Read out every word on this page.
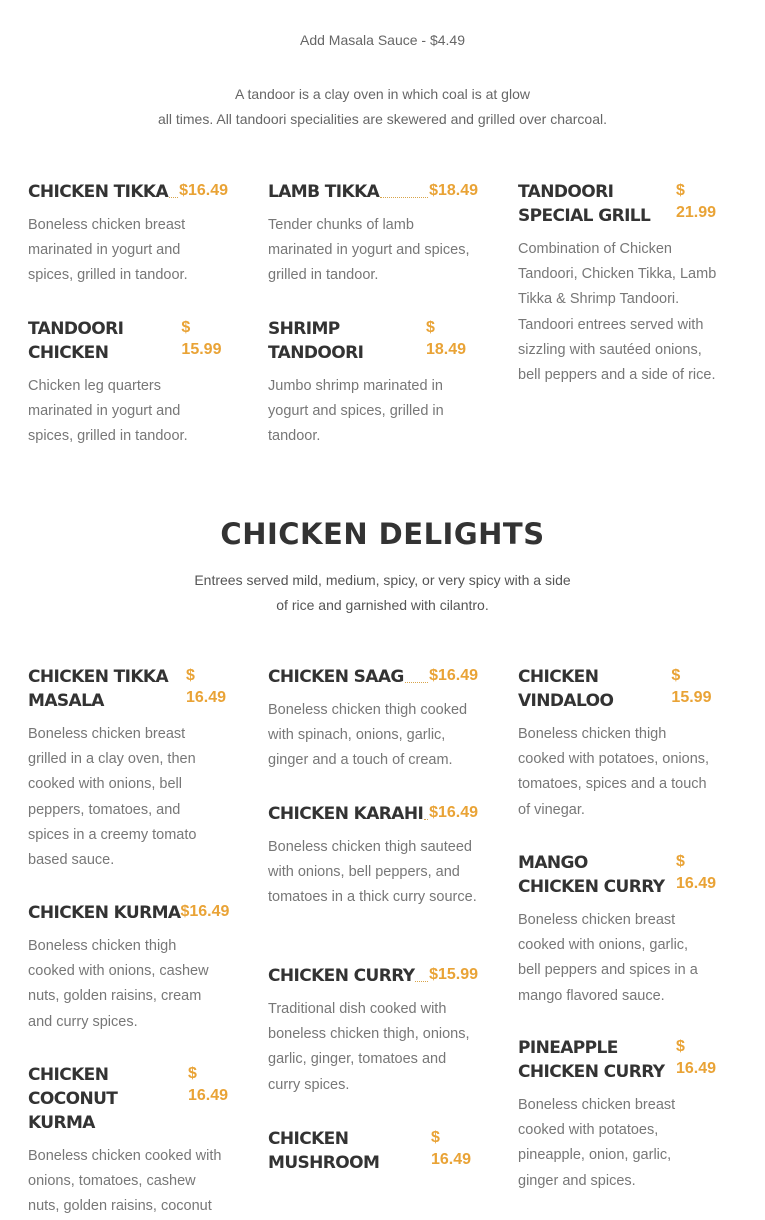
Add Masala Sauce - $4.49
A tandoor is a clay oven in which coal is at glow
all times. All tandoori specialities are skewered and grilled over charcoal.
CHICKEN TIKKA $16.49
Boneless chicken breast marinated in yogurt and spices, grilled in tandoor.
LAMB TIKKA	$18.49
Tender chunks of lamb marinated in yogurt and spices, grilled in tandoor.
TANDOORI SPECIAL GRILL
$ 21.99
Combination of Chicken Tandoori, Chicken Tikka, Lamb Tikka & Shrimp Tandoori. Tandoori entrees served with sizzling with sautéed onions, bell peppers and a side of rice.
TANDOORI CHICKEN
$ 15.99
Chicken leg quarters marinated in yogurt and spices, grilled in tandoor.
SHRIMP TANDOORI
$ 18.49
Jumbo shrimp marinated in yogurt and spices, grilled in tandoor.
CHICKEN DELIGHTS
Entrees served mild, medium, spicy, or very spicy with a side
of rice and garnished with cilantro.
CHICKEN TIKKA MASALA
$ 16.49
Boneless chicken breast grilled in a clay oven, then cooked with onions, bell peppers, tomatoes, and spices in a creemy tomato based sauce.
CHICKEN KURMA $16.49
Boneless chicken thigh cooked with onions, cashew nuts, golden raisins, cream and curry spices.
CHICKEN COCONUT KURMA
$ 16.49
Boneless chicken cooked with onions, tomatoes, cashew nuts, golden raisins, coconut
CHICKEN SAAG $16.49
Boneless chicken thigh cooked with spinach, onions, garlic, ginger and a touch of cream.
CHICKEN KARAHI $16.49
Boneless chicken thigh sauteed with onions, bell peppers, and tomatoes in a thick curry source.
CHICKEN CURRY $15.99
Traditional dish cooked with boneless chicken thigh, onions, garlic, ginger, tomatoes and curry spices.
CHICKEN MUSHROOM
$ 16.49
CHICKEN VINDALOO
$ 15.99
Boneless chicken thigh cooked with potatoes, onions, tomatoes, spices and a touch of vinegar.
MANGO CHICKEN CURRY
$ 16.49
Boneless chicken breast cooked with onions, garlic, bell peppers and spices in a mango flavored sauce.
PINEAPPLE CHICKEN CURRY
$ 16.49
Boneless chicken breast cooked with potatoes, pineapple, onion, garlic, ginger and spices.
